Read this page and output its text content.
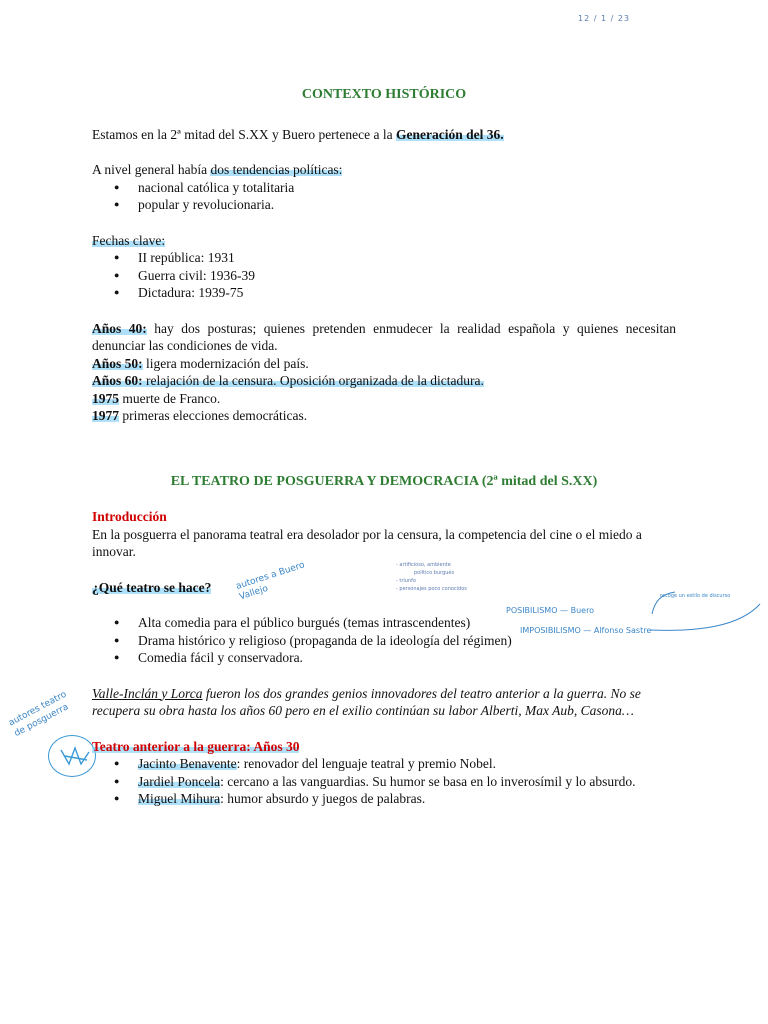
12 / 1 / 23
autores a Buero Vallejo
- artificioso, ambiente
político burgués
- triunfo
- personajes poco conocidos
POSIBILISMO — Buero
IMPOSIBILISMO — Alfonso Sastre
recoge un estilo de discurso
autores teatro de posguerra
CONTEXTO HISTÓRICO

Estamos en la 2ª mitad del S.XX y Buero pertenece a la Generación del 36.

A nivel general había dos tendencias políticas:

● nacional católica y totalitaria
● popular y revolucionaria.

Fechas clave:

● II república: 1931
● Guerra civil: 1936-39
● Dictadura: 1939-75

Años 40: hay dos posturas; quienes pretenden enmudecer la realidad española y quienes necesitan denunciar las condiciones de vida.

Años 50: ligera modernización del país.

Años 60: relajación de la censura. Oposición organizada de la dictadura.

1975 muerte de Franco.

1977 primeras elecciones democráticas.

EL TEATRO DE POSGUERRA Y DEMOCRACIA (2ª mitad del S.XX)

Introducción

En la posguerra el panorama teatral era desolador por la censura, la competencia del cine o el miedo a innovar.

¿Qué teatro se hace?

● Alta comedia para el público burgués (temas intrascendentes)
● Drama histórico y religioso (propaganda de la ideología del régimen)
● Comedia fácil y conservadora.

Valle-Inclán y Lorca fueron los dos grandes genios innovadores del teatro anterior a la guerra. No se recupera su obra hasta los años 60 pero en el exilio continúan su labor Alberti, Max Aub, Casona…

Teatro anterior a la guerra: Años 30

● Jacinto Benavente: renovador del lenguaje teatral y premio Nobel.
● Jardiel Poncela: cercano a las vanguardias. Su humor se basa en lo inverosímil y lo absurdo.
● Miguel Mihura: humor absurdo y juegos de palabras.
